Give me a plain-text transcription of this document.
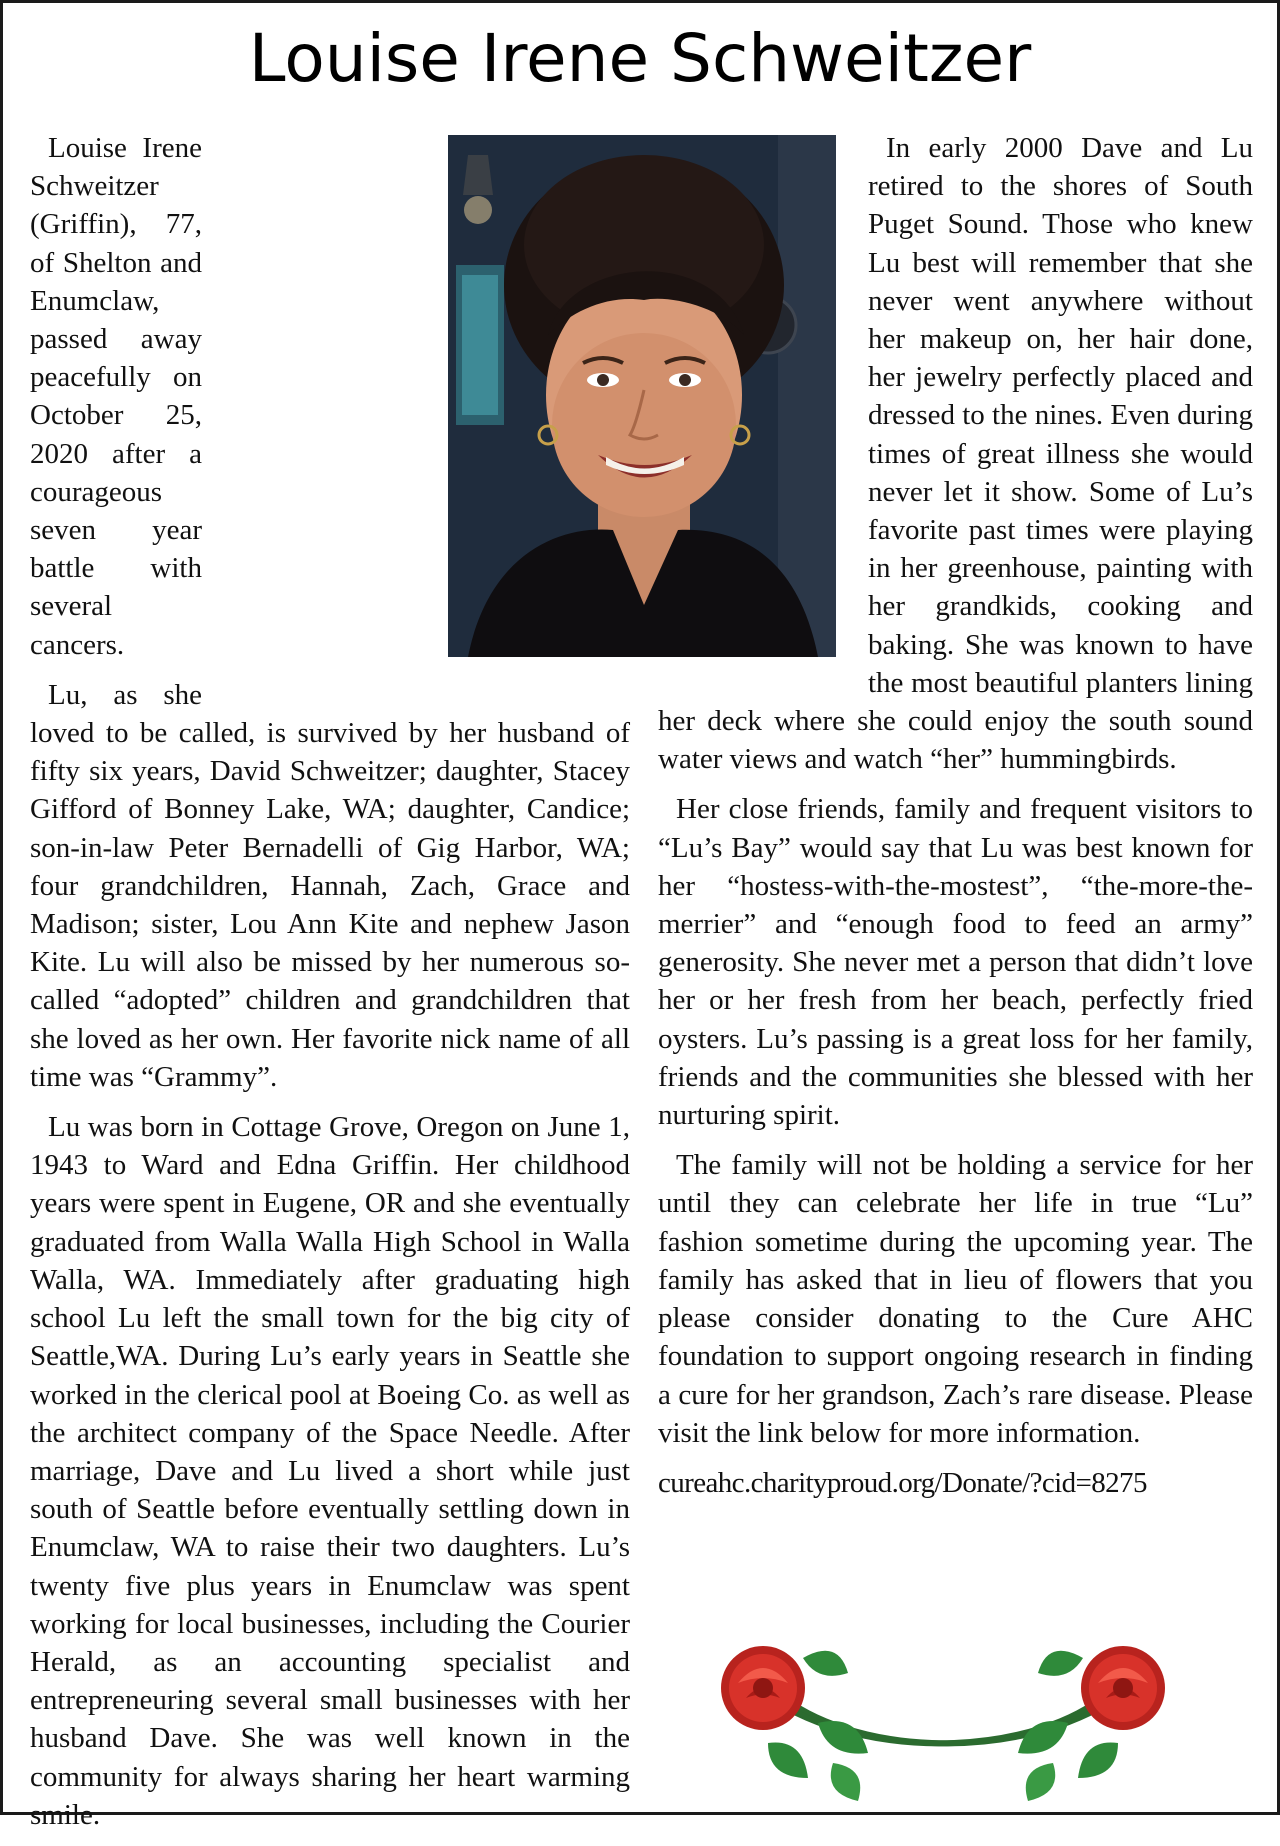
Louise Irene Schweitzer

Louise Irene Schweitzer (Griffin), 77, of Shelton and Enumclaw, passed away peacefully on October 25, 2020 after a courageous seven year battle with several cancers.

Lu, as she loved to be called, is survived by her husband of fifty six years, David Schweitzer; daughter, Stacey Gifford of Bonney Lake, WA; daughter, Candice; son-in-law Peter Bernadelli of Gig Harbor, WA; four grandchildren, Hannah, Zach, Grace and Madison; sister, Lou Ann Kite and nephew Jason Kite. Lu will also be missed by her numerous so-called “adopted” children and grandchildren that she loved as her own. Her favorite nick name of all time was “Grammy”.

Lu was born in Cottage Grove, Oregon on June 1, 1943 to Ward and Edna Griffin. Her childhood years were spent in Eugene, OR and she eventually graduated from Walla Walla High School in Walla Walla, WA. Immediately after graduating high school Lu left the small town for the big city of Seattle,WA. During Lu’s early years in Seattle she worked in the clerical pool at Boeing Co. as well as the architect company of the Space Needle. After marriage, Dave and Lu lived a short while just south of Seattle before eventually settling down in Enumclaw, WA to raise their two daughters. Lu’s twenty five plus years in Enumclaw was spent working for local businesses, including the Courier Herald, as an accounting specialist and entrepreneuring several small businesses with her husband Dave. She was well known in the community for always sharing her heart warming smile.

In early 2000 Dave and Lu retired to the shores of South Puget Sound. Those who knew Lu best will remember that she never went anywhere without her makeup on, her hair done, her jewelry perfectly placed and dressed to the nines. Even during times of great illness she would never let it show. Some of Lu’s favorite past times were playing in her greenhouse, painting with her grandkids, cooking and baking. She was known to have the most beautiful planters lining her deck where she could enjoy the south sound water views and watch “her” hummingbirds.

Her close friends, family and frequent visitors to “Lu’s Bay” would say that Lu was best known for her “hostess-with-the-mostest”, “the-more-the-merrier” and “enough food to feed an army” generosity. She never met a person that didn’t love her or her fresh from her beach, perfectly fried oysters. Lu’s passing is a great loss for her family, friends and the communities she blessed with her nurturing spirit.

The family will not be holding a service for her until they can celebrate her life in true “Lu” fashion sometime during the upcoming year. The family has asked that in lieu of flowers that you please consider donating to the Cure AHC foundation to support ongoing research in finding a cure for her grandson, Zach’s rare disease. Please visit the link below for more information.

cureahc.charityproud.org/Donate/?cid=8275
